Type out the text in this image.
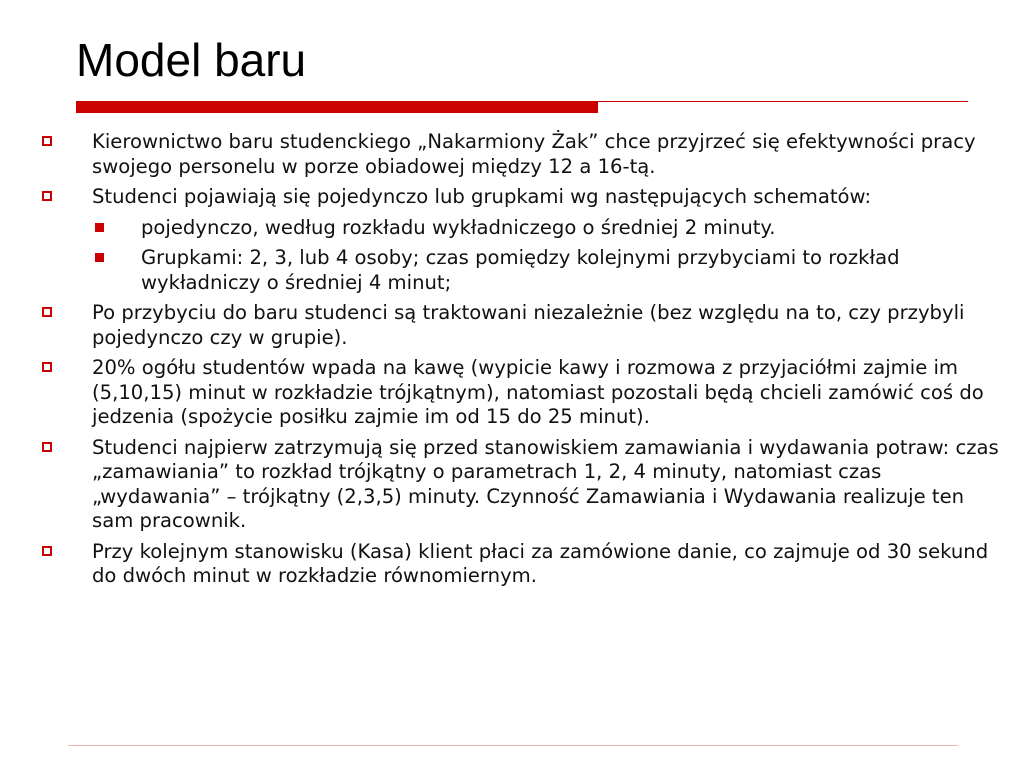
Model baru
Kierownictwo baru studenckiego „Nakarmiony Żak” chce przyjrzeć się efektywności pracy swojego personelu w porze obiadowej między 12 a 16-tą.
Studenci pojawiają się pojedynczo lub grupkami wg następujących schematów:
pojedynczo, według rozkładu wykładniczego o średniej 2 minuty.
Grupkami: 2, 3, lub 4 osoby; czas pomiędzy kolejnymi przybyciami to rozkład wykładniczy o średniej 4 minut;
Po przybyciu do baru studenci są traktowani niezależnie (bez względu na to, czy przybyli pojedynczo czy w grupie).
20% ogółu studentów wpada na kawę (wypicie kawy i rozmowa z przyjaciółmi zajmie im (5,10,15) minut w rozkładzie trójkątnym), natomiast pozostali będą chcieli zamówić coś do jedzenia (spożycie posiłku zajmie im od 15 do 25 minut).
Studenci najpierw zatrzymują się przed stanowiskiem zamawiania i wydawania potraw: czas „zamawiania” to rozkład trójkątny o parametrach 1, 2, 4 minuty, natomiast czas „wydawania” – trójkątny (2,3,5) minuty. Czynność Zamawiania i Wydawania realizuje ten sam pracownik.
Przy kolejnym stanowisku (Kasa) klient płaci za zamówione danie, co zajmuje od 30 sekund do dwóch minut w rozkładzie równomiernym.
